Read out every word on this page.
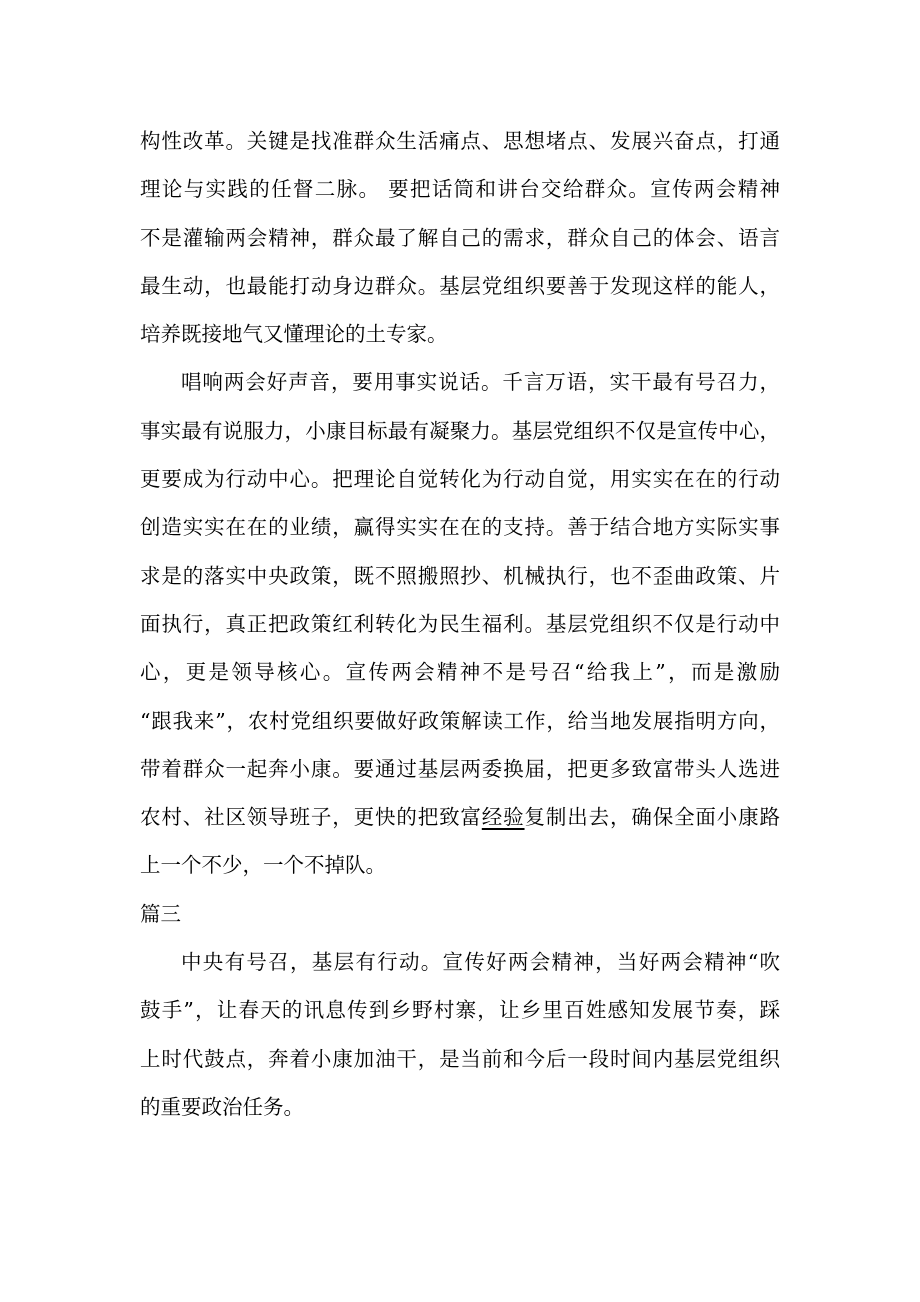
构性改革。关键是找准群众生活痛点、思想堵点、发展兴奋点，打通
理论与实践的任督二脉。 要把话筒和讲台交给群众。宣传两会精神
不是灌输两会精神，群众最了解自己的需求，群众自己的体会、语言
最生动，也最能打动身边群众。基层党组织要善于发现这样的能人，
培养既接地气又懂理论的土专家。
唱响两会好声音，要用事实说话。千言万语，实干最有号召力，
事实最有说服力，小康目标最有凝聚力。基层党组织不仅是宣传中心，
更要成为行动中心。把理论自觉转化为行动自觉，用实实在在的行动
创造实实在在的业绩，赢得实实在在的支持。善于结合地方实际实事
求是的落实中央政策，既不照搬照抄、机械执行，也不歪曲政策、片
面执行，真正把政策红利转化为民生福利。基层党组织不仅是行动中
心，更是领导核心。宣传两会精神不是号召“给我上”，而是激励
“跟我来”，农村党组织要做好政策解读工作，给当地发展指明方向，
带着群众一起奔小康。要通过基层两委换届，把更多致富带头人选进
农村、社区领导班子，更快的把致富经验复制出去，确保全面小康路
上一个不少，一个不掉队。
篇三
中央有号召，基层有行动。宣传好两会精神，当好两会精神“吹
鼓手”，让春天的讯息传到乡野村寨，让乡里百姓感知发展节奏，踩
上时代鼓点，奔着小康加油干，是当前和今后一段时间内基层党组织
的重要政治任务。
